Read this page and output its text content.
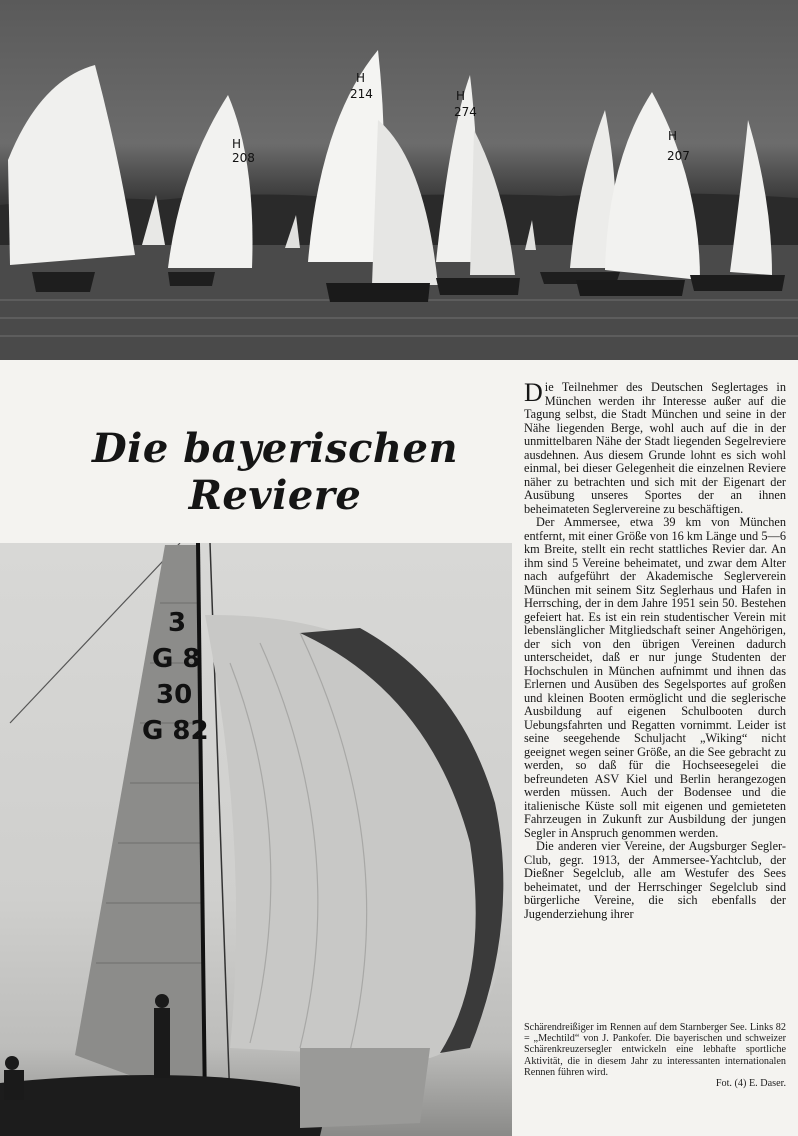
H
208
H
214	H
274
H
207
Die bayerischen Reviere
3
G 8
30
G 82

Die Teilnehmer des Deutschen Seglertages in München werden ihr Interesse außer auf die Tagung selbst, die Stadt München und seine in der Nähe liegenden Berge, wohl auch auf die in der unmittelbaren Nähe der Stadt liegenden Segelreviere ausdehnen. Aus diesem Grunde lohnt es sich wohl einmal, bei dieser Gelegenheit die einzelnen Reviere näher zu betrachten und sich mit der Eigenart der Ausübung unseres Sportes der an ihnen beheimateten Seglervereine zu beschäftigen.

Der Ammersee, etwa 39 km von München entfernt, mit einer Größe von 16 km Länge und 5—6 km Breite, stellt ein recht stattliches Revier dar. An ihm sind 5 Vereine beheimatet, und zwar dem Alter nach aufgeführt der Akademische Seglerverein München mit seinem Sitz Seglerhaus und Hafen in Herrsching, der in dem Jahre 1951 sein 50. Bestehen gefeiert hat. Es ist ein rein studentischer Verein mit lebenslänglicher Mitgliedschaft seiner Angehörigen, der sich von den übrigen Vereinen dadurch unterscheidet, daß er nur junge Studenten der Hochschulen in München aufnimmt und ihnen das Erlernen und Ausüben des Segelsportes auf großen und kleinen Booten ermöglicht und die seglerische Ausbildung auf eigenen Schulbooten durch Uebungsfahrten und Regatten vornimmt. Leider ist seine seegehende Schuljacht „Wiking“ nicht geeignet wegen seiner Größe, an die See gebracht zu werden, so daß für die Hochseesegelei die befreundeten ASV Kiel und Berlin herangezogen werden müssen. Auch der Bodensee und die italienische Küste soll mit eigenen und gemieteten Fahrzeugen in Zukunft zur Ausbildung der jungen Segler in Anspruch genommen werden.

Die anderen vier Vereine, der Augsburger Segler-Club, gegr. 1913, der Ammersee-Yachtclub, der Dießner Segelclub, alle am Westufer des Sees beheimatet, und der Herrschinger Segelclub sind bürgerliche Vereine, die sich ebenfalls der Jugenderziehung ihrer

Schärendreißiger im Rennen auf dem Starnberger See. Links 82 = „Mechtild“ von J. Pankofer. Die bayerischen und schweizer Schärenkreuzersegler entwickeln eine lebhafte sportliche Aktivität, die in diesem Jahr zu interessanten internationalen Rennen führen wird.
Fot. (4) E. Daser.
